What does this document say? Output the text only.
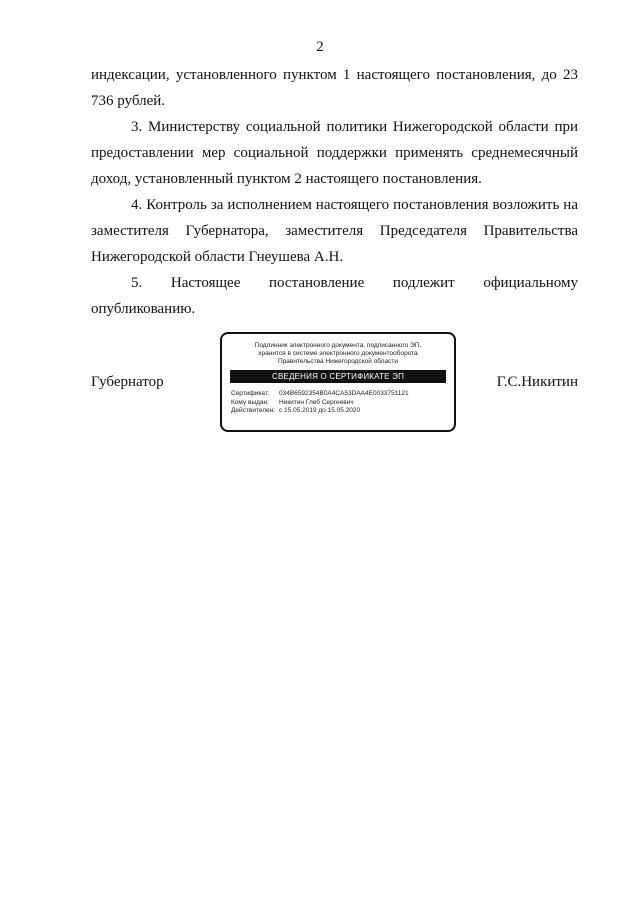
2

индексации, установленного пунктом 1 настоящего постановления, до 23 736 рублей.

3. Министерству социальной политики Нижегородской области при предоставлении мер социальной поддержки применять среднемесячный доход, установленный пунктом 2 настоящего постановления.

4. Контроль за исполнением настоящего постановления возложить на заместителя Губернатора, заместителя Председателя Правительства Нижегородской области Гнеушева А.Н.

5. Настоящее постановление подлежит официальному опубликованию.

Губернатор
Подлинник электронного документа, подписанного ЭП,
хранится в системе электронного документооборота
Правительства Нижегородской области
СВЕДЕНИЯ О СЕРТИФИКАТЕ ЭП
Сертификат: 034B6592354B0A4CA53DAA4E0033751121
Кому выдан: Никитин Глеб Сергеевич
Действителен: с 15.05.2019 до 15.05.2020
Г.С.Никитин
